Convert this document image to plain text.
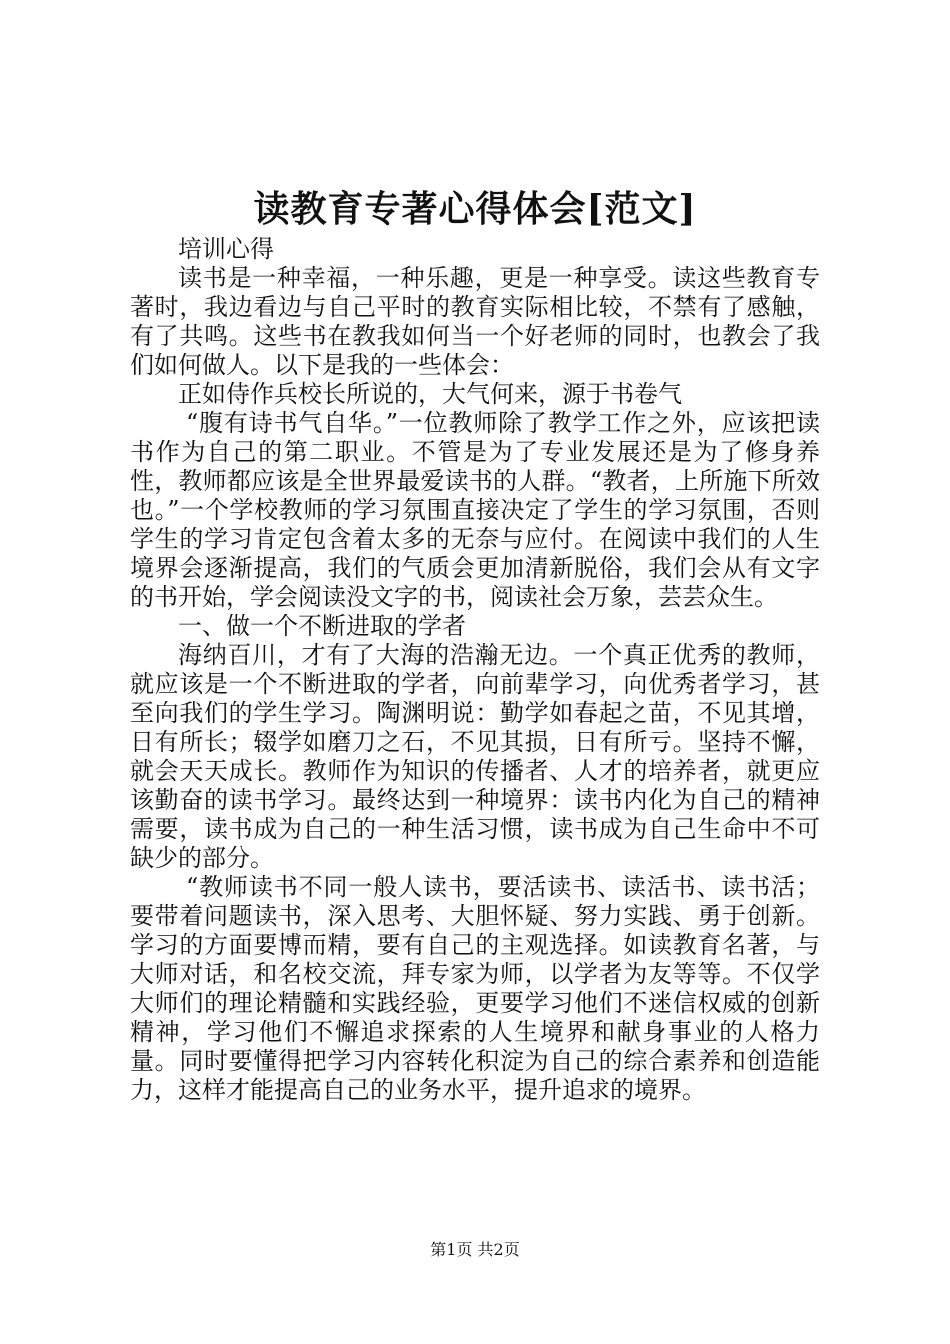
读教育专著心得体会[范文]

培训心得

读书是一种幸福，一种乐趣，更是一种享受。读这些教育专著时，我边看边与自己平时的教育实际相比较，不禁有了感触，有了共鸣。这些书在教我如何当一个好老师的同时，也教会了我们如何做人。以下是我的一些体会：

正如侍作兵校长所说的，大气何来，源于书卷气

“腹有诗书气自华。”一位教师除了教学工作之外，应该把读书作为自己的第二职业。不管是为了专业发展还是为了修身养性，教师都应该是全世界最爱读书的人群。“教者，上所施下所效也。”一个学校教师的学习氛围直接决定了学生的学习氛围，否则学生的学习肯定包含着太多的无奈与应付。在阅读中我们的人生境界会逐渐提高，我们的气质会更加清新脱俗，我们会从有文字的书开始，学会阅读没文字的书，阅读社会万象，芸芸众生。

一、做一个不断进取的学者

海纳百川，才有了大海的浩瀚无边。一个真正优秀的教师，就应该是一个不断进取的学者，向前辈学习，向优秀者学习，甚至向我们的学生学习。陶渊明说：勤学如春起之苗，不见其增，日有所长；辍学如磨刀之石，不见其损，日有所亏。坚持不懈，就会天天成长。教师作为知识的传播者、人才的培养者，就更应该勤奋的读书学习。最终达到一种境界：读书内化为自己的精神需要，读书成为自己的一种生活习惯，读书成为自己生命中不可缺少的部分。

“教师读书不同一般人读书，要活读书、读活书、读书活；要带着问题读书，深入思考、大胆怀疑、努力实践、勇于创新。学习的方面要博而精，要有自己的主观选择。如读教育名著，与大师对话，和名校交流，拜专家为师，以学者为友等等。不仅学大师们的理论精髓和实践经验，更要学习他们不迷信权威的创新精神，学习他们不懈追求探索的人生境界和献身事业的人格力量。同时要懂得把学习内容转化积淀为自己的综合素养和创造能力，这样才能提高自己的业务水平，提升追求的境界。

第1页 共2页
